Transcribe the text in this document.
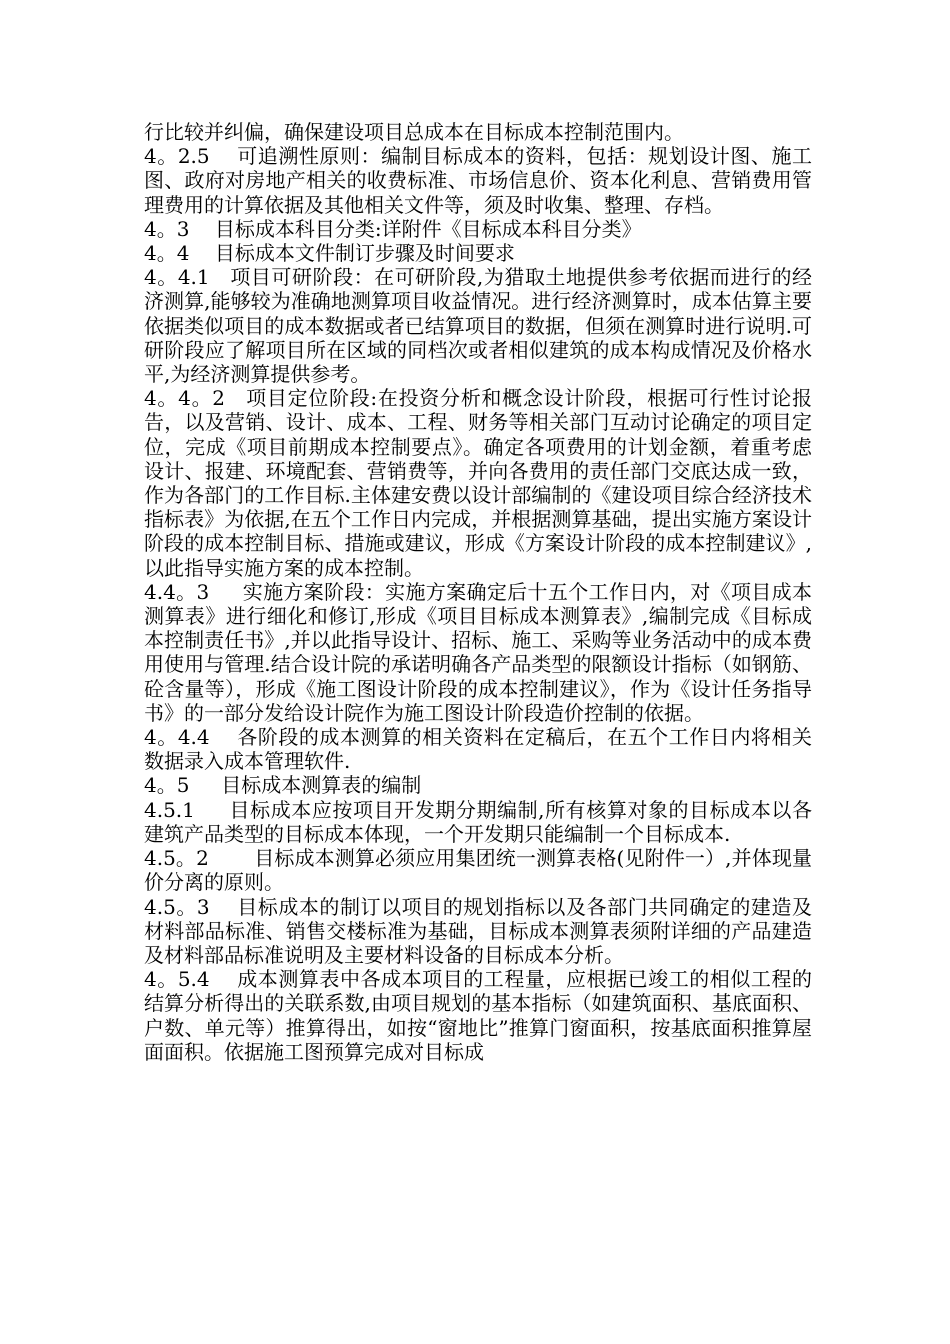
行比较并纠偏，确保建设项目总成本在目标成本控制范围内。

4。2.5    可追溯性原则：编制目标成本的资料，包括：规划设计图、施工图、政府对房地产相关的收费标准、市场信息价、资本化利息、营销费用管理费用的计算依据及其他相关文件等，须及时收集、整理、存档。

4。3    目标成本科目分类:详附件《目标成本科目分类》

4。4    目标成本文件制订步骤及时间要求

4。4.1   项目可研阶段：在可研阶段,为猎取土地提供参考依据而进行的经济测算,能够较为准确地测算项目收益情况。进行经济测算时，成本估算主要依据类似项目的成本数据或者已结算项目的数据，但须在测算时进行说明.可研阶段应了解项目所在区域的同档次或者相似建筑的成本构成情况及价格水平,为经济测算提供参考。

4。4。2   项目定位阶段:在投资分析和概念设计阶段，根据可行性讨论报告，以及营销、设计、成本、工程、财务等相关部门互动讨论确定的项目定位，完成《项目前期成本控制要点》。确定各项费用的计划金额，着重考虑设计、报建、环境配套、营销费等，并向各费用的责任部门交底达成一致，作为各部门的工作目标.主体建安费以设计部编制的《建设项目综合经济技术指标表》为依据,在五个工作日内完成，并根据测算基础，提出实施方案设计阶段的成本控制目标、措施或建议，形成《方案设计阶段的成本控制建议》,以此指导实施方案的成本控制。

4.4。3     实施方案阶段：实施方案确定后十五个工作日内，对《项目成本测算表》进行细化和修订,形成《项目目标成本测算表》,编制完成《目标成本控制责任书》,并以此指导设计、招标、施工、采购等业务活动中的成本费用使用与管理.结合设计院的承诺明确各产品类型的限额设计指标（如钢筋、砼含量等），形成《施工图设计阶段的成本控制建议》，作为《设计任务指导书》的一部分发给设计院作为施工图设计阶段造价控制的依据。

4。4.4    各阶段的成本测算的相关资料在定稿后，在五个工作日内将相关数据录入成本管理软件.

4。5     目标成本测算表的编制

4.5.1     目标成本应按项目开发期分期编制,所有核算对象的目标成本以各建筑产品类型的目标成本体现，一个开发期只能编制一个目标成本.

4.5。2       目标成本测算必须应用集团统一测算表格(见附件一）,并体现量价分离的原则。

4.5。3    目标成本的制订以项目的规划指标以及各部门共同确定的建造及材料部品标准、销售交楼标准为基础，目标成本测算表须附详细的产品建造及材料部品标准说明及主要材料设备的目标成本分析。

4。5.4    成本测算表中各成本项目的工程量，应根据已竣工的相似工程的结算分析得出的关联系数,由项目规划的基本指标（如建筑面积、基底面积、户数、单元等）推算得出，如按“窗地比”推算门窗面积，按基底面积推算屋面面积。依据施工图预算完成对目标成
